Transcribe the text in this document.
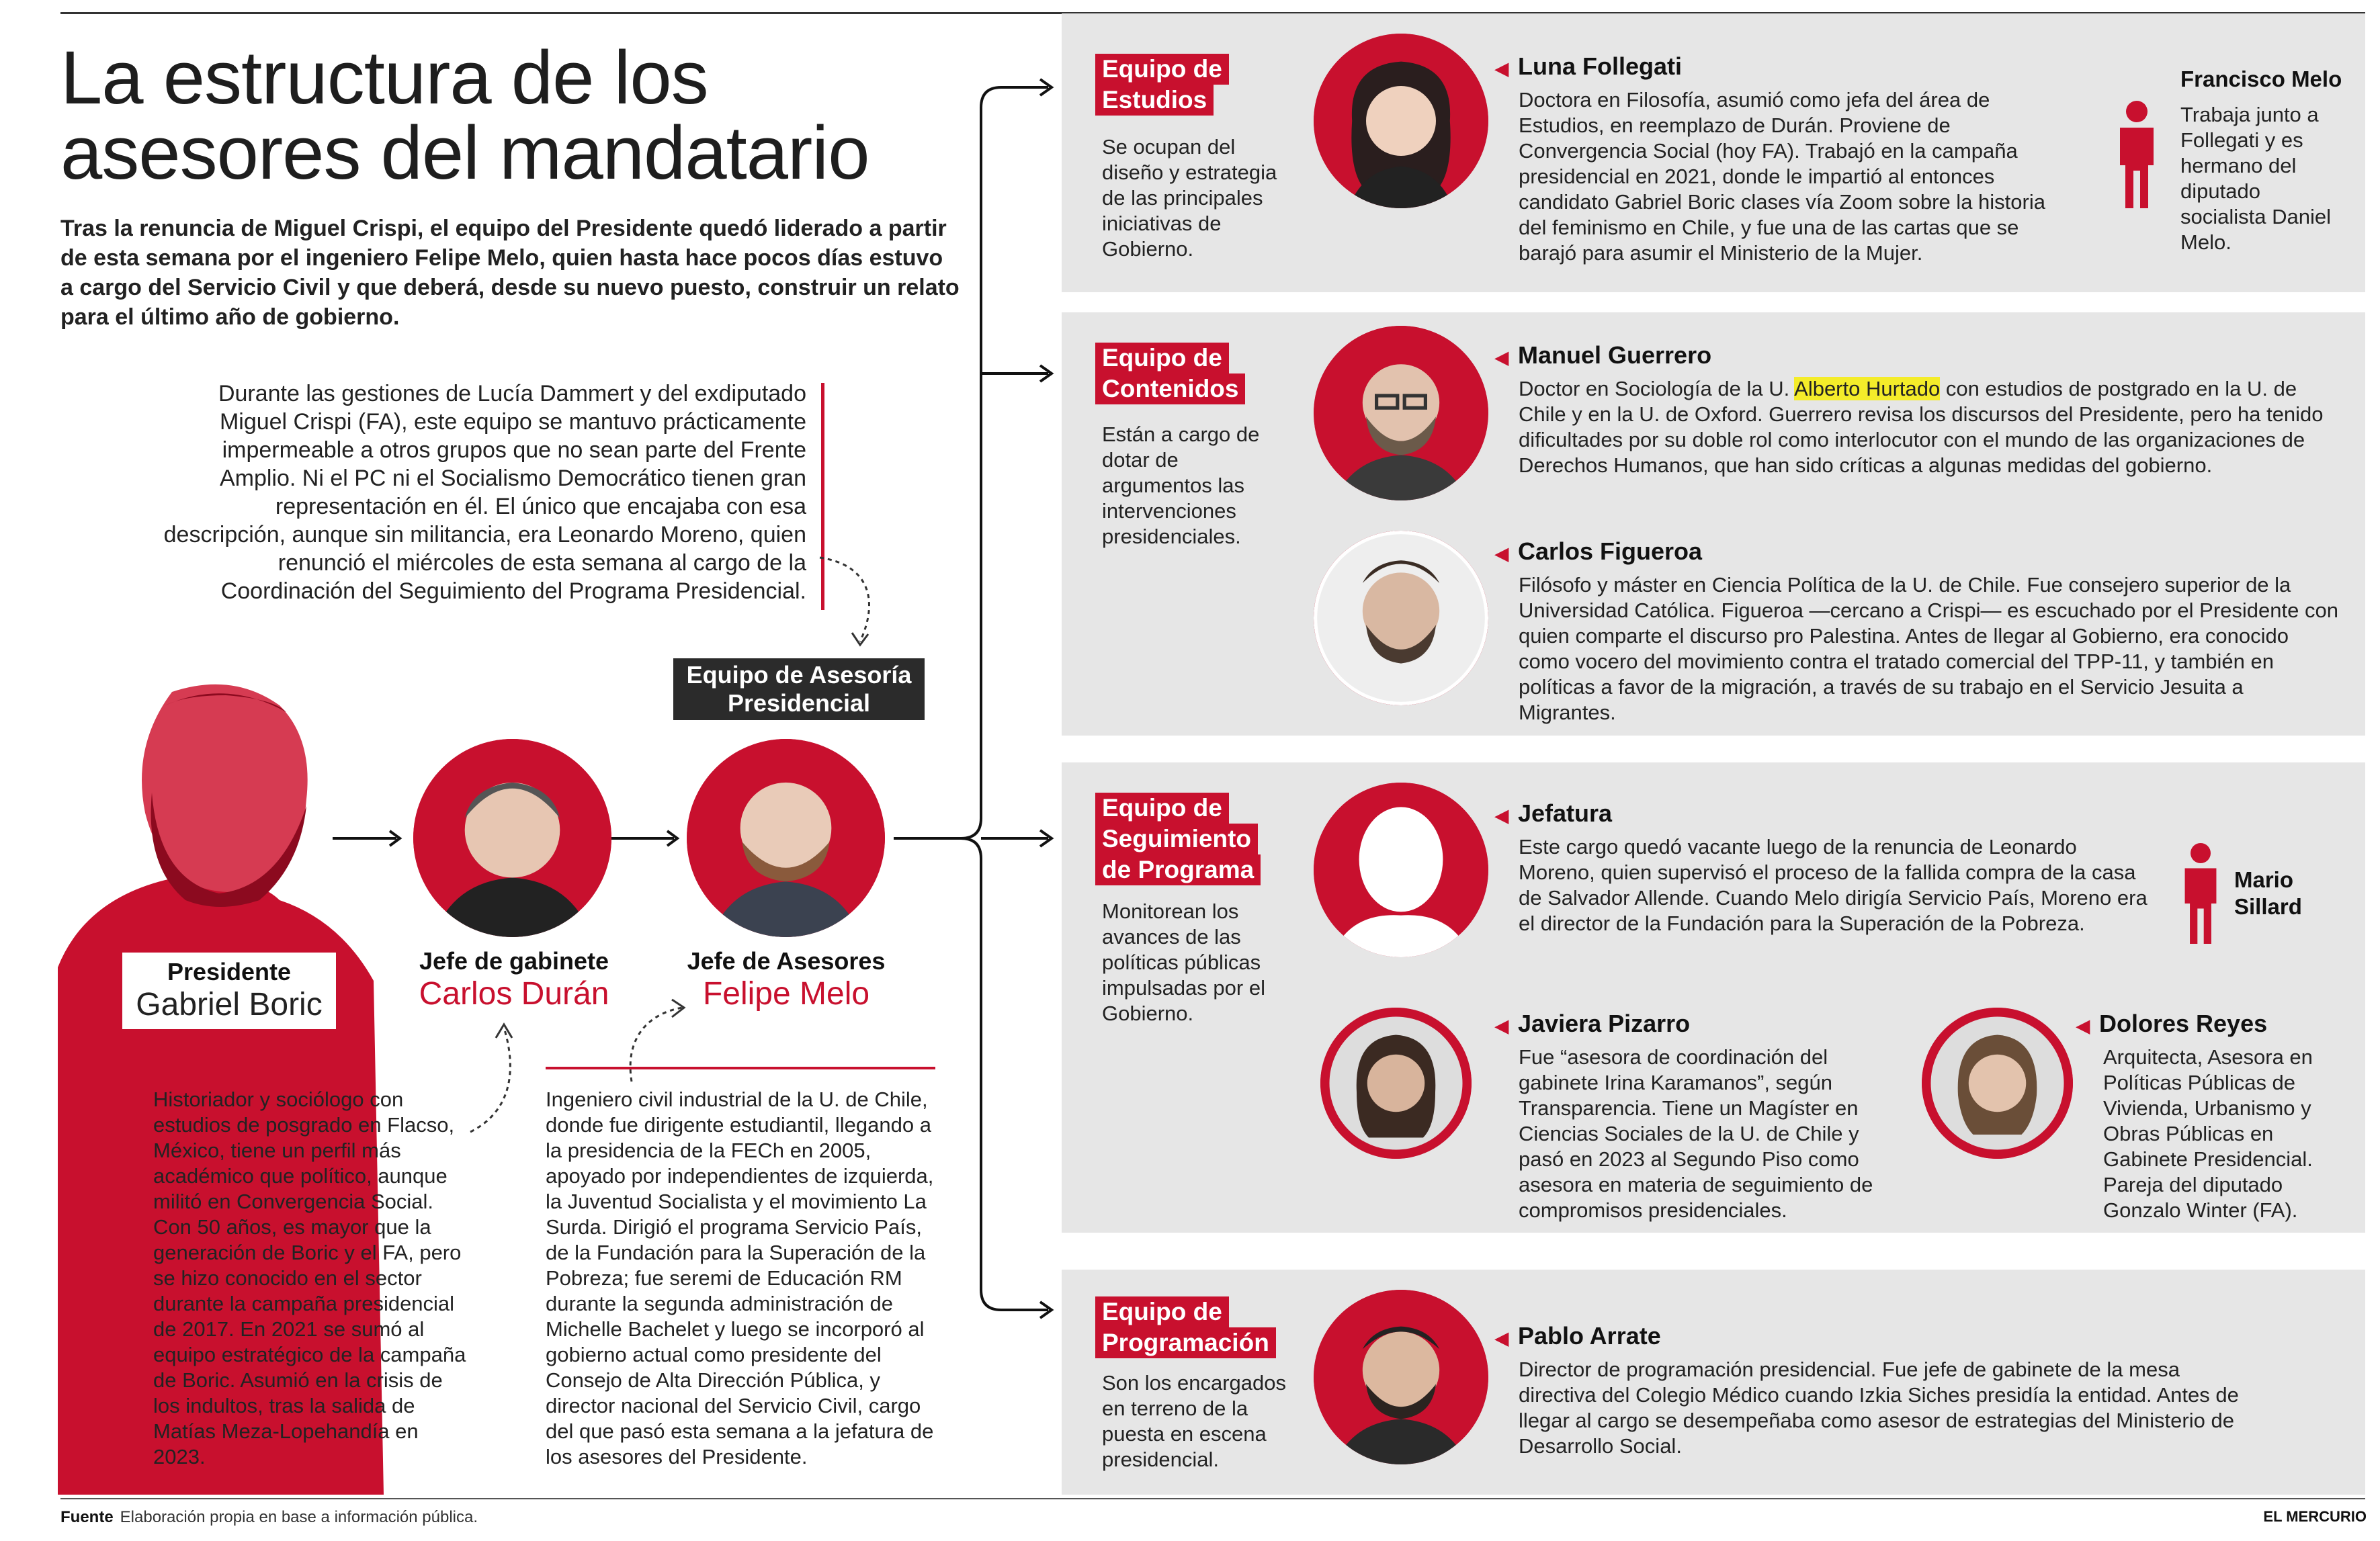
La estructura de los asesores del mandatario
Tras la renuncia de Miguel Crispi, el equipo del Presidente quedó liderado a partir de esta semana por el ingeniero Felipe Melo, quien hasta hace pocos días estuvo a cargo del Servicio Civil y que deberá, desde su nuevo puesto, construir un relato para el último año de gobierno.
Durante las gestiones de Lucía Dammert y del exdiputado Miguel Crispi (FA), este equipo se mantuvo prácticamente impermeable a otros grupos que no sean parte del Frente Amplio. Ni el PC ni el Socialismo Democrático tienen gran representación en él. El único que encajaba con esa descripción, aunque sin militancia, era Leonardo Moreno, quien renunció el miércoles de esta semana al cargo de la Coordinación del Seguimiento del Programa Presidencial.
Equipo de Asesoría Presidencial
Presidente
Gabriel Boric
Jefe de gabinete
Carlos Durán
Jefe de Asesores
Felipe Melo
Historiador y sociólogo con estudios de posgrado en Flacso, México, tiene un perfil más académico que político, aunque militó en Convergencia Social. Con 50 años, es mayor que la generación de Boric y el FA, pero se hizo conocido en el sector durante la campaña presidencial de 2017. En 2021 se sumó al equipo estratégico de la campaña de Boric. Asumió en la crisis de los indultos, tras la salida de Matías Meza-Lopehandía en 2023.
Ingeniero civil industrial de la U. de Chile, donde fue dirigente estudiantil, llegando a la presidencia de la FECh en 2005, apoyado por independientes de izquierda, la Juventud Socialista y el movimiento La Surda. Dirigió el programa Servicio País, de la Fundación para la Superación de la Pobreza; fue seremi de Educación RM durante la segunda administración de Michelle Bachelet y luego se incorporó al gobierno actual como presidente del Consejo de Alta Dirección Pública, y director nacional del Servicio Civil, cargo del que pasó esta semana a la jefatura de los asesores del Presidente.
Equipo de
Estudios
Se ocupan del diseño y estrategia de las principales iniciativas de Gobierno.
◀ Luna Follegati
Doctora en Filosofía, asumió como jefa del área de Estudios, en reemplazo de Durán. Proviene de Convergencia Social (hoy FA). Trabajó en la campaña presidencial en 2021, donde le impartió al entonces candidato Gabriel Boric clases vía Zoom sobre la historia del feminismo en Chile, y fue una de las cartas que se barajó para asumir el Ministerio de la Mujer.
Francisco Melo
Trabaja junto a Follegati y es hermano del diputado socialista Daniel Melo.
Equipo de
Contenidos
Están a cargo de dotar de argumentos las intervenciones presidenciales.
◀ Manuel Guerrero
Doctor en Sociología de la U. Alberto Hurtado con estudios de postgrado en la U. de Chile y en la U. de Oxford. Guerrero revisa los discursos del Presidente, pero ha tenido dificultades por su doble rol como interlocutor con el mundo de las organizaciones de Derechos Humanos, que han sido críticas a algunas medidas del gobierno.
◀ Carlos Figueroa
Filósofo y máster en Ciencia Política de la U. de Chile. Fue consejero superior de la Universidad Católica. Figueroa —cercano a Crispi— es escuchado por el Presidente con quien comparte el discurso pro Palestina. Antes de llegar al Gobierno, era conocido como vocero del movimiento contra el tratado comercial del TPP-11, y también en políticas a favor de la migración, a través de su trabajo en el Servicio Jesuita a Migrantes.
Equipo de
Seguimiento
de Programa
Monitorean los avances de las políticas públicas impulsadas por el Gobierno.
◀ Jefatura
Este cargo quedó vacante luego de la renuncia de Leonardo Moreno, quien supervisó el proceso de la fallida compra de la casa de Salvador Allende. Cuando Melo dirigía Servicio País, Moreno era el director de la Fundación para la Superación de la Pobreza.
Mario Sillard
◀ Javiera Pizarro
Fue “asesora de coordinación del gabinete Irina Karamanos”, según Transparencia. Tiene un Magíster en Ciencias Sociales de la U. de Chile y pasó en 2023 al Segundo Piso como asesora en materia de seguimiento de compromisos presidenciales.
◀ Dolores Reyes
Arquitecta, Asesora en Políticas Públicas de Vivienda, Urbanismo y Obras Públicas en Gabinete Presidencial. Pareja del diputado Gonzalo Winter (FA).
Equipo de
Programación
Son los encargados en terreno de la puesta en escena presidencial.
◀ Pablo Arrate
Director de programación presidencial. Fue jefe de gabinete de la mesa directiva del Colegio Médico cuando Izkia Siches presidía la entidad. Antes de llegar al cargo se desempeñaba como asesor de estrategias del Ministerio de Desarrollo Social.
Fuente Elaboración propia en base a información pública.	EL MERCURIO
